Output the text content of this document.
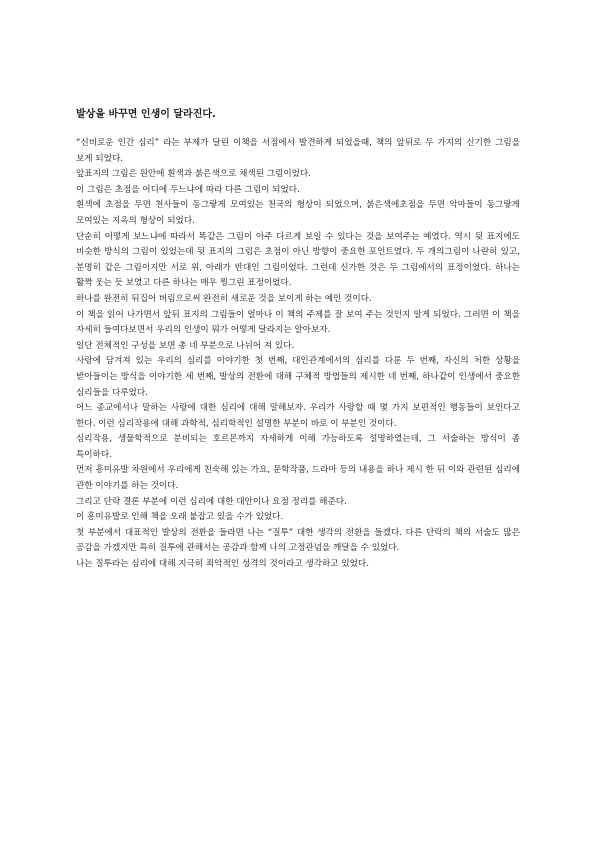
발상을 바꾸면 인생이 달라진다.

“신비로운 인간 심리” 라는 부제가 달린 이책을 서점에서 발견하게 되었을때, 책의 앞뒤로 두 가지의 신기한 그림을 보게 되었다.

앞표지의 그림은 원안에 흰색과 붉은색으로 채색된 그림이었다.

이 그림은 초점을 어디에 두느냐에 따라 다른 그림이 되었다.

흰색에 초점을 두면 천사들이 동그랗게 모여있는 천국의 형상이 되었으며, 붉은색에초점을 두면 악마들이 동그랗게 모여있는 지옥의 형상이 되었다.

단순히 어떻게 보느냐에 따라서 똑같은 그림이 아주 다르게 보일 수 있다는 것을 보여주는 예였다. 역시 뒷 표지에도 비슷한 방식의 그림이 있었는데 뒷 표지의 그림은 초점이 아닌 방향이 중요한 포인트였다. 두 개의그림이 나란히 있고, 분명히 같은 그림이지만 서로 위, 아래가 반대인 그림이었다. 그런데 신가한 것은 두 그림에서의 표정이었다. 하나는 활짝 웃는 듯 보였고 다른 하나는 매우 찡그린 표정이었다.

하나를 완전히 뒤집어 버림으로써 완전히 새로운 것을 보이게 하는 예인 것이다.

이 책을 읽어 나가면서 앞뒤 표지의 그림들이 얼마나 이 책의 주제를 잘 보여 주는 것인지 알게 되었다. 그러면 이 책을 자세히 들여다보면서 우리의 인생이 뭐가 어떻게 달라지는 알아보자.

일단 전체적인 구성을 보면 총 네 부분으로 나뉘어 져 있다.

사랑에 담겨져 있는 우리의 심리를 이야기한 첫 번째, 대인관계에서의 심리를 다룬 두 번째, 자신의 처한 상황을 받아들이는 방식을 이야기한 세 번째, 발상의 전환에 대해 구체적 방법들의 제시한 네 번째, 하나같이 인생에서 중요한 심리들을 다루었다.

어느 종교에서나 말하는 사랑에 대한 심리에 대해 말해보자. 우리가 사랑할 때 몇 가지 보편적인 행동들이 보인다고 한다. 이런 심리작용에 대해 과학적, 심리학적인 설명한 부분이 바로 이 부분인 것이다.

심리작용, 생물학적으로 분비되는 호르몬까지 자세하게 이해 가능하도록 설명하였는데, 그 서술하는 방식이 좀 특이하다.

먼저 흥미유발 차원에서 우리에게 친숙해 있는 가요, 문학작품, 드라마 등의 내용을 하나 제시 한 뒤 이와 관련된 심리에 관한 이야기를 하는 것이다.

그리고 단락 결론 부분에 이런 심리에 대한 대안이나 요점 정리를 해준다.

이 흥미유발로 인해 책을 오래 붙잡고 있을 수가 있었다.

첫 부분에서 대표적인 발상의 전환을 들라면 나는 “질투” 대한 생각의 전환을 들겠다. 다른 단락의 책의 서술도 많은 공감을 가겠지만 특히 질투에 관해서는 공감과 함께 나의 고정관념을 깨달을 수 있었다.

나는 질투라는 심리에 대해 지극히 죄악적인 성격의 것이라고 생각하고 있었다.
